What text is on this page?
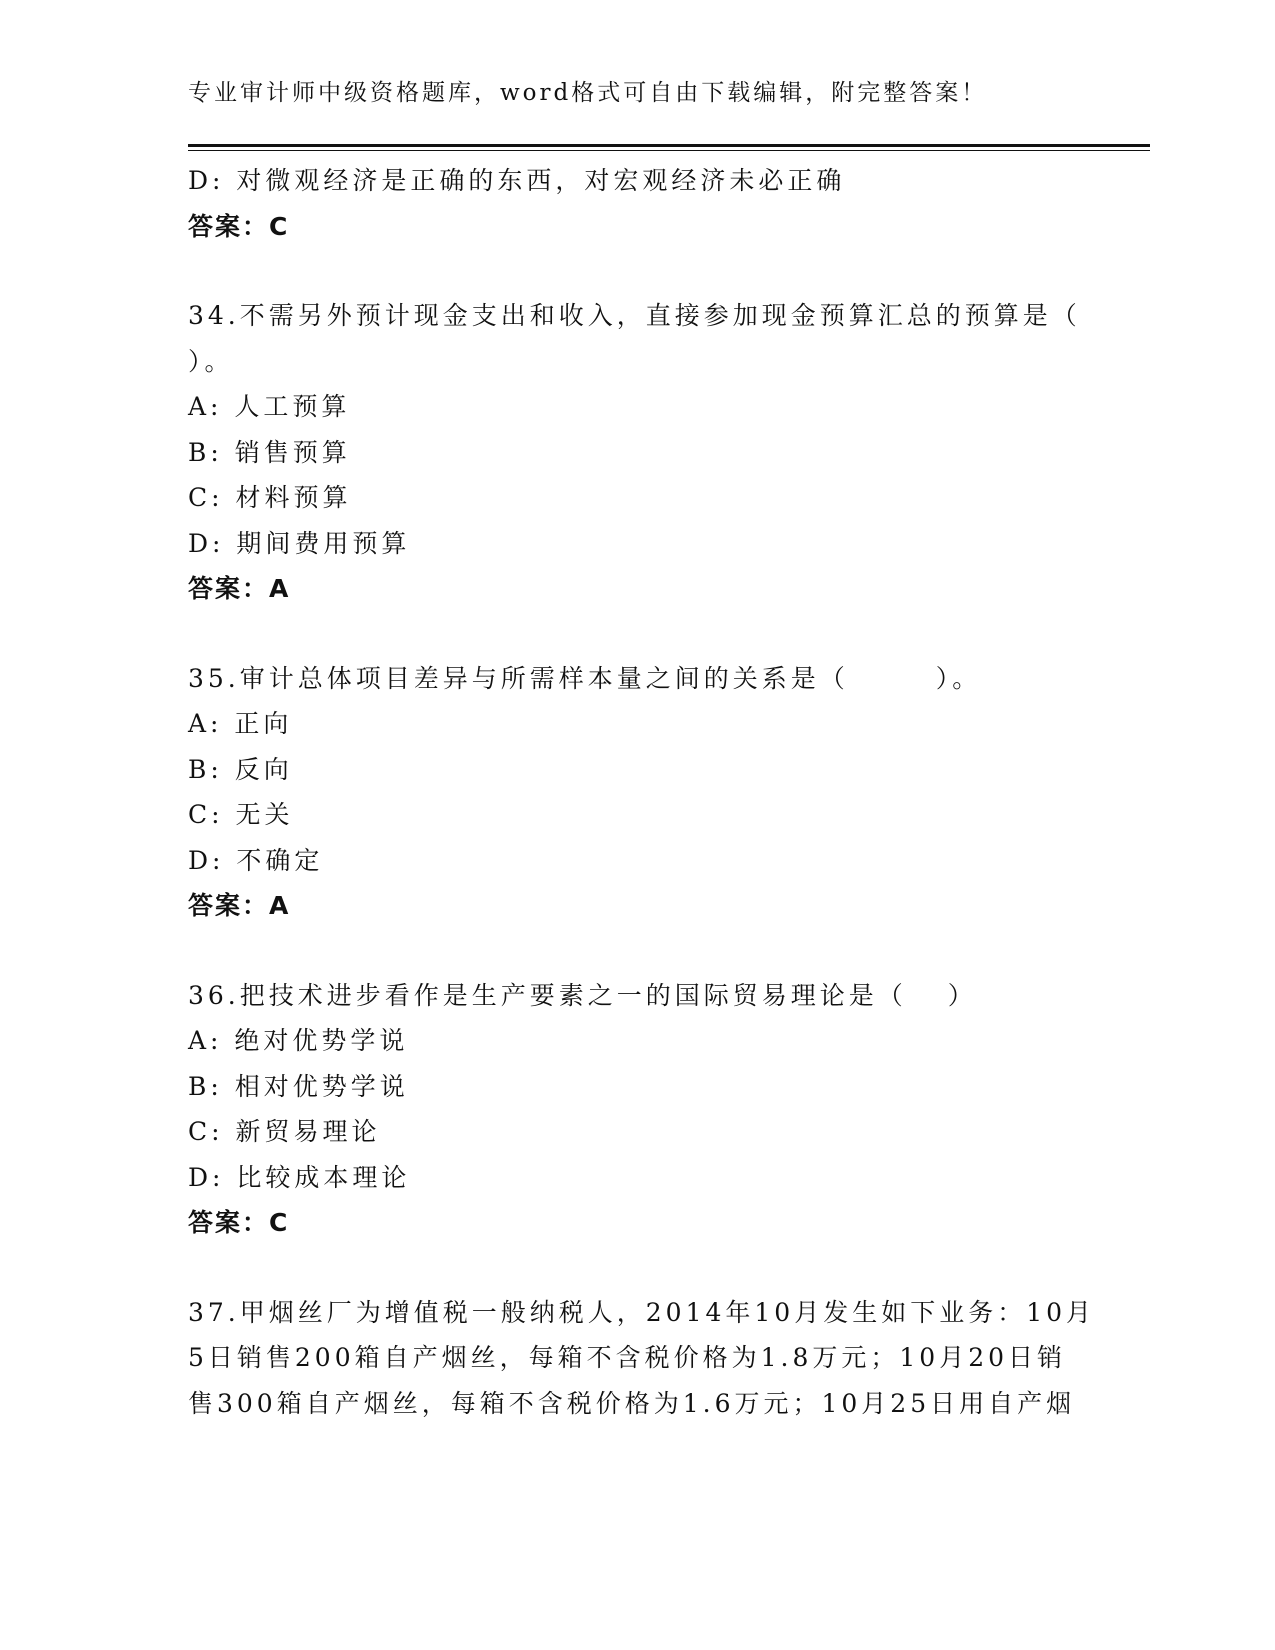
专业审计师中级资格题库，word格式可自由下载编辑，附完整答案！
D: 对微观经济是正确的东西，对宏观经济未必正确
答案：C
34.不需另外预计现金支出和收入，直接参加现金预算汇总的预算是（
）。
A: 人工预算
B: 销售预算
C: 材料预算
D: 期间费用预算
答案：A
35.审计总体项目差异与所需样本量之间的关系是（　　　）。
A: 正向
B: 反向
C: 无关
D: 不确定
答案：A
36.把技术进步看作是生产要素之一的国际贸易理论是（　 ）
A: 绝对优势学说
B: 相对优势学说
C: 新贸易理论
D: 比较成本理论
答案：C
37.甲烟丝厂为增值税一般纳税人，2014年10月发生如下业务：10月
5日销售200箱自产烟丝，每箱不含税价格为1.8万元；10月20日销
售300箱自产烟丝，每箱不含税价格为1.6万元；10月25日用自产烟
